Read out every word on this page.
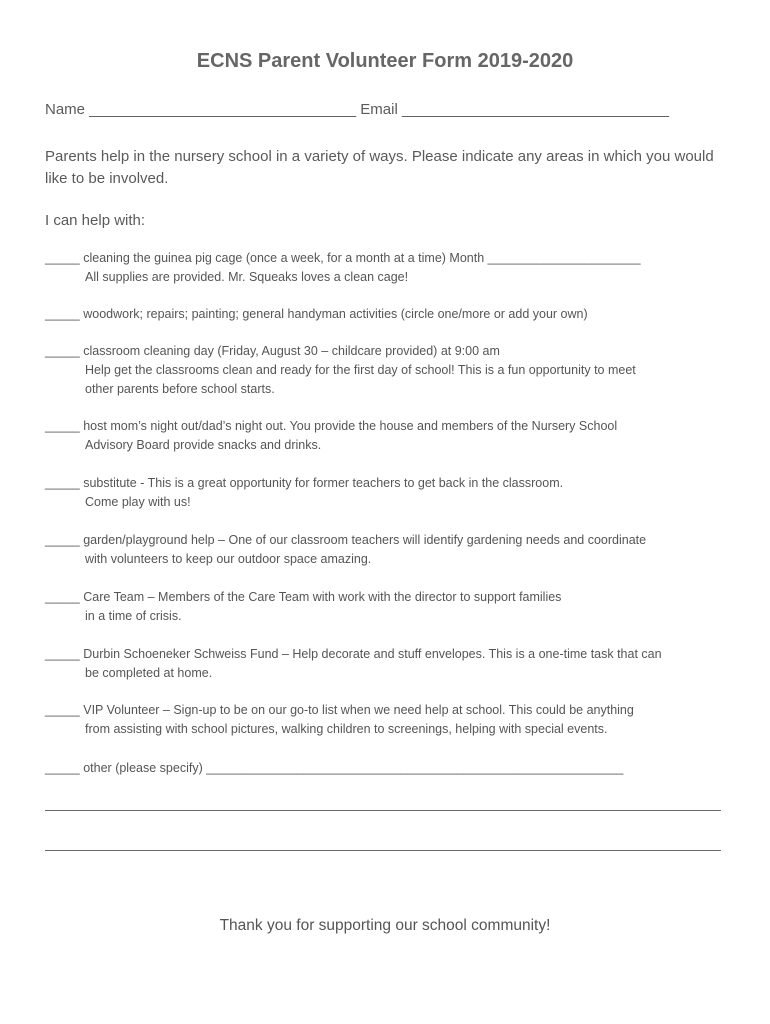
ECNS Parent Volunteer Form 2019-2020
Name ________________________________ Email ________________________________
Parents help in the nursery school in a variety of ways. Please indicate any areas in which you would like to be involved.
I can help with:
_____ cleaning the guinea pig cage (once a week, for a month at a time) Month ______________________
All supplies are provided. Mr. Squeaks loves a clean cage!
_____ woodwork; repairs; painting; general handyman activities (circle one/more or add your own)
_____ classroom cleaning day (Friday, August 30 – childcare provided) at 9:00 am
Help get the classrooms clean and ready for the first day of school! This is a fun opportunity to meet
other parents before school starts.
_____ host mom’s night out/dad’s night out. You provide the house and members of the Nursery School
Advisory Board provide snacks and drinks.
_____ substitute - This is a great opportunity for former teachers to get back in the classroom.
Come play with us!
_____ garden/playground help – One of our classroom teachers will identify gardening needs and coordinate
with volunteers to keep our outdoor space amazing.
_____ Care Team – Members of the Care Team with work with the director to support families
in a time of crisis.
_____ Durbin Schoeneker Schweiss Fund – Help decorate and stuff envelopes. This is a one-time task that can
be completed at home.
_____ VIP Volunteer – Sign-up to be on our go-to list when we need help at school. This could be anything
from assisting with school pictures, walking children to screenings, helping with special events.
_____ other (please specify) ____________________________________________________________
Thank you for supporting our school community!
